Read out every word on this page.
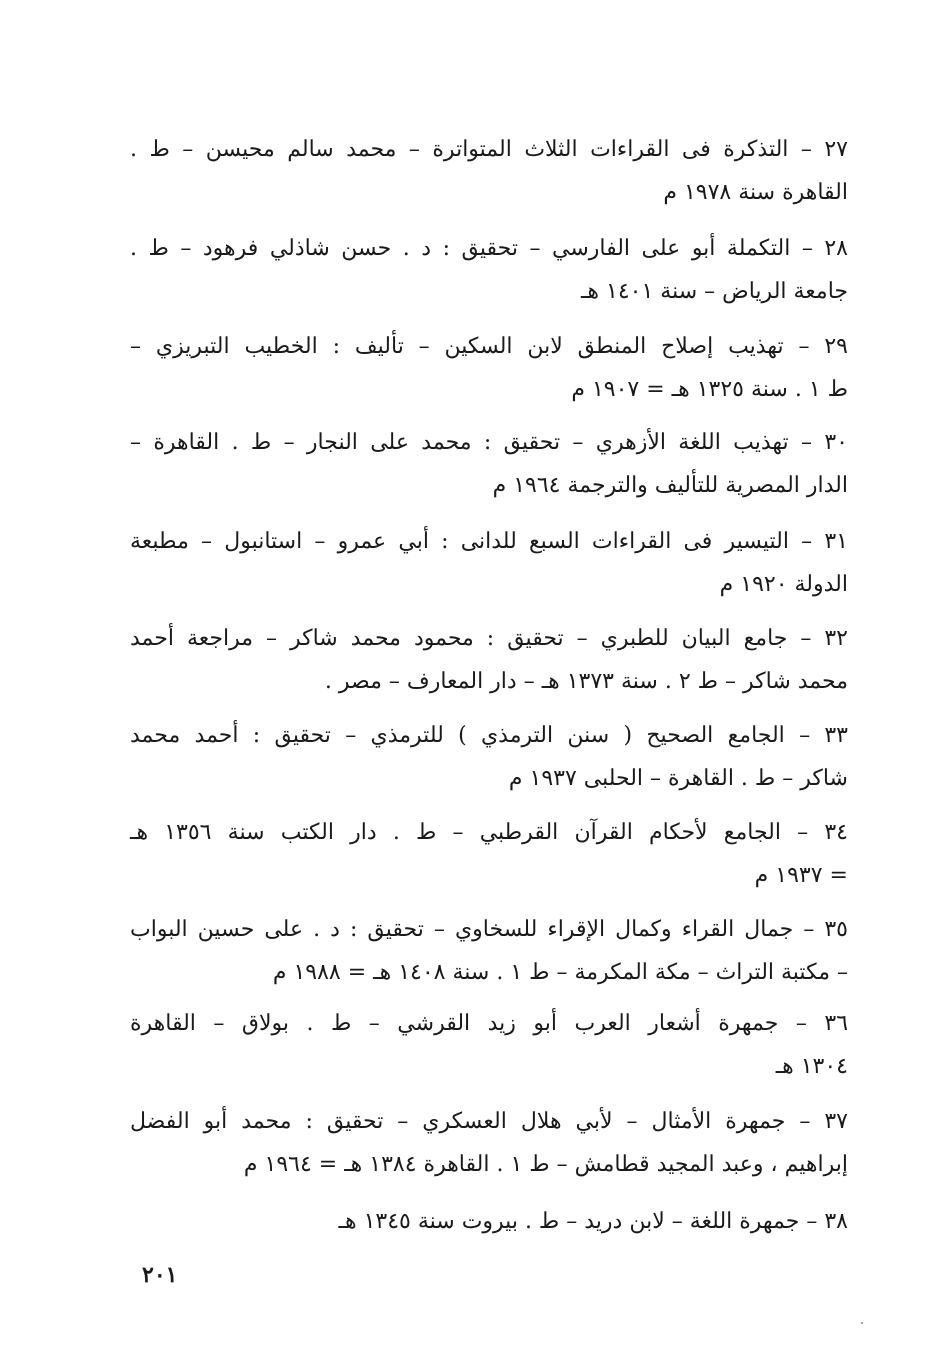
٢٧ – التذكرة فى القراءات الثلاث المتواترة – محمد سالم محيسن – ط .
القاهرة سنة ١٩٧٨ م
٢٨ – التكملة أبو على الفارسي – تحقيق : د . حسن شاذلي فرهود – ط .
جامعة الرياض – سنة ١٤٠١ هـ
٢٩ – تهذيب إصلاح المنطق لابن السكين – تأليف : الخطيب التبريزي –
ط ١ . سنة ١٣٢٥ هـ = ١٩٠٧ م
٣٠ – تهذيب اللغة الأزهري – تحقيق : محمد على النجار – ط . القاهرة –
الدار المصرية للتأليف والترجمة ١٩٦٤ م
٣١ – التيسير فى القراءات السبع للدانى : أبي عمرو – استانبول – مطبعة
الدولة ١٩٢٠ م
٣٢ – جامع البيان للطبري – تحقيق : محمود محمد شاكر – مراجعة أحمد
محمد شاكر – ط ٢ . سنة ١٣٧٣ هـ – دار المعارف – مصر .
٣٣ – الجامع الصحيح ( سنن الترمذي ) للترمذي – تحقيق : أحمد محمد
شاكر – ط . القاهرة – الحلبى ١٩٣٧ م
٣٤ – الجامع لأحكام القرآن القرطبي – ط . دار الكتب سنة ١٣٥٦ هـ
= ١٩٣٧ م
٣٥ – جمال القراء وكمال الإقراء للسخاوي – تحقيق : د . على حسين البواب
– مكتبة التراث – مكة المكرمة – ط ١ . سنة ١٤٠٨ هـ = ١٩٨٨ م
٣٦ – جمهرة أشعار العرب أبو زيد القرشي – ط . بولاق – القاهرة
١٣٠٤ هـ
٣٧ – جمهرة الأمثال – لأبي هلال العسكري – تحقيق : محمد أبو الفضل
إبراهيم ، وعبد المجيد قطامش – ط ١ . القاهرة ١٣٨٤ هـ = ١٩٦٤ م
٣٨ – جمهرة اللغة – لابن دريد – ط . بيروت سنة ١٣٤٥ هـ
٢٠١
